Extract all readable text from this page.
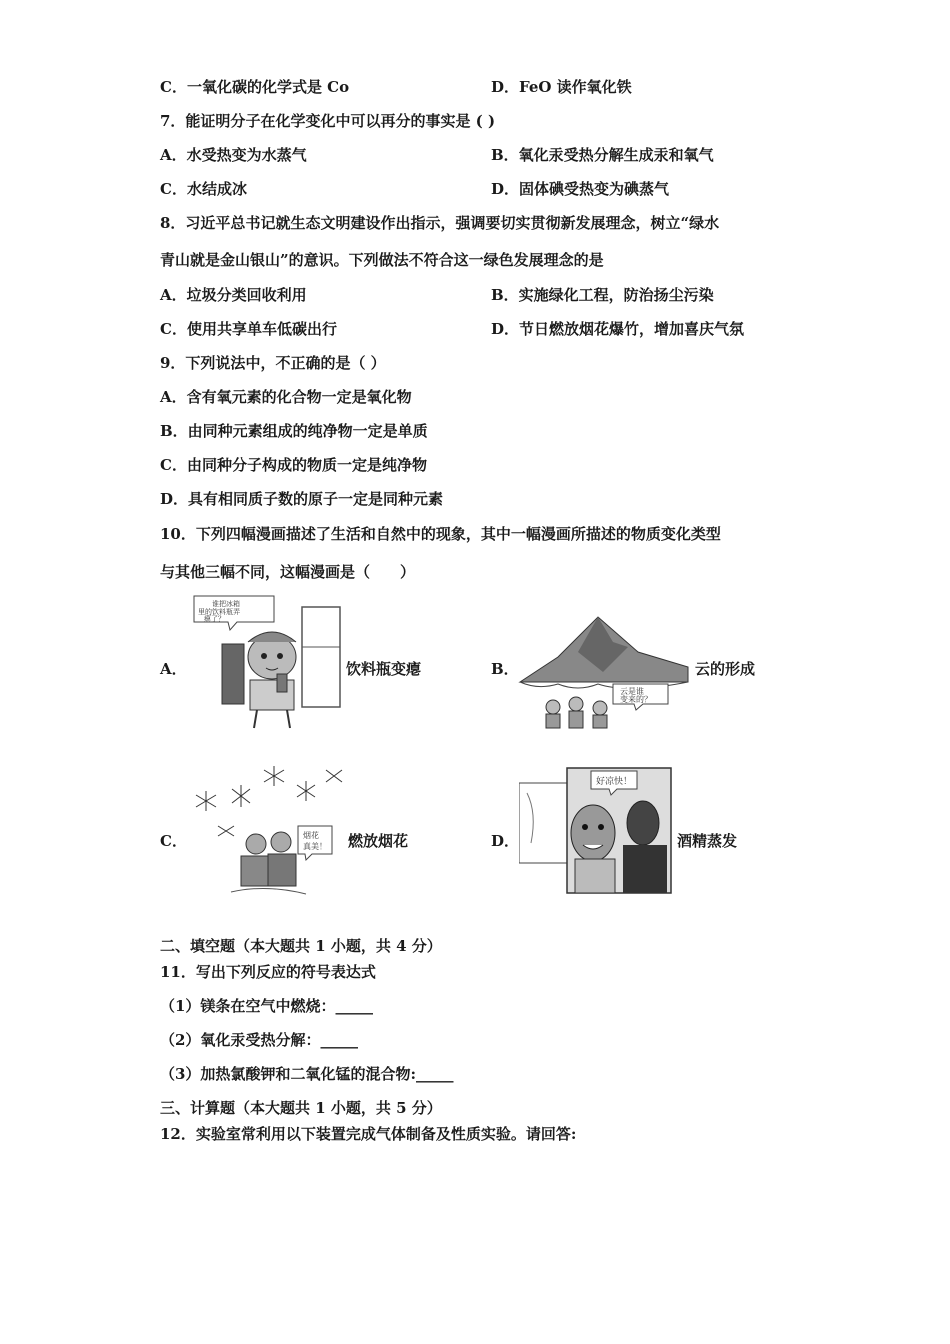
C．一氧化碳的化学式是 Co	D．FeO 读作氧化铁
7．能证明分子在化学变化中可以再分的事实是 ( )
A．水受热变为水蒸气	B．氧化汞受热分解生成汞和氧气
C．水结成冰	D．固体碘受热变为碘蒸气
8．习近平总书记就生态文明建设作出指示，强调要切实贯彻新发展理念，树立“绿水
青山就是金山银山”的意识。下列做法不符合这一绿色发展理念的是
A．垃圾分类回收利用	B．实施绿化工程，防治扬尘污染
C．使用共享单车低碳出行	D．节日燃放烟花爆竹，增加喜庆气氛
9．下列说法中，不正确的是（ ）
A．含有氧元素的化合物一定是氧化物
B．由同种元素组成的纯净物一定是单质
C．由同种分子构成的物质一定是纯净物
D．具有相同质子数的原子一定是同种元素
10．下列四幅漫画描述了生活和自然中的现象，其中一幅漫画所描述的物质变化类型
与其他三幅不同，这幅漫画是（　　）
A．
谁把冰箱
里的饮料瓶弄
瘪了？
饮料瓶变瘪	B．
云是谁
变来的？
云的形成
C．	烟花
真美！ 燃放烟花	D．
好凉快！
酒精蒸发
二、填空题（本大题共 1 小题，共 4 分）
11．写出下列反应的符号表达式
（1）镁条在空气中燃烧：_____
（2）氧化汞受热分解：_____
（3）加热氯酸钾和二氧化锰的混合物:_____
三、计算题（本大题共 1 小题，共 5 分）
12．实验室常利用以下装置完成气体制备及性质实验。请回答:
